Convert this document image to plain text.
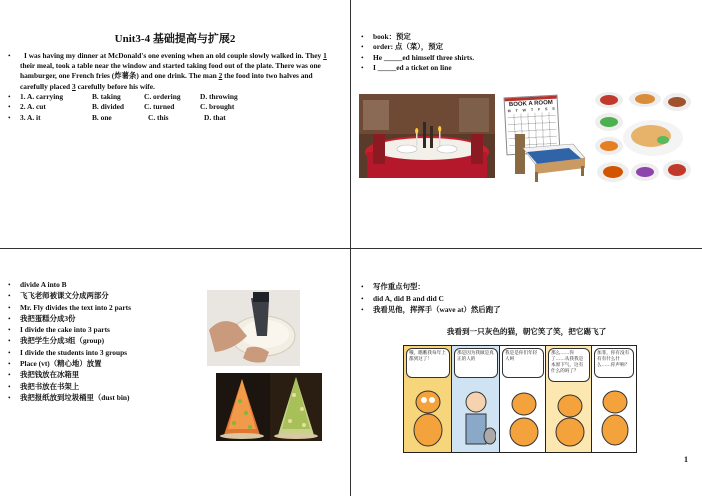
Unit3-4 基础提高与扩展2
• I was having my dinner at McDonald's one evening when an old couple slowly walked in. They 1 their meal, took a table near the window and started taking food out of the plate. There was one hamburger, one French fries (炸薯条) and one drink. The man 2 the food into two halves and carefully placed 3 carefully before his wife.
• 1. A. carrying	B. taking	C. ordering	D. throwing
• 2. A. cut	B. divided	C. turned	C. brought
• 3. A. it	B. one	C. this	D. that
• book：预定
• order: 点（菜），预定
• He _____ed himself three shirts.
• I _____ed a ticket on line
BOOK A ROOM
M T W T F S S
• divide A into B
• 飞飞老师被课文分成两部分
• Mr. Fly divides the text into 2 parts
• 我把蛋糕分成3份
• I divide the cake into 3 parts
• 我把学生分成3组（group)
• I divide the students into 3 groups
• Place (vt)（精心地）放置
• 我把钱放在冰箱里
• 我把书放在书架上
• 我把报纸放到垃圾桶里（dust bin)
• 写作重点句型：
• did A, did B and did C
• 我看见他，挥挥手（wave at）然后跑了
我看到一只灰色的猫，朝它笑了笑，把它踢飞了
哦，瞧瞧我每年上都到这了！
那是因为我做是真正的人的
我是是你们年轻人呵
那么……你了……从我我是本原下气，这有什么的吗了？
加菲，你有没有有有什么什么……你声响？
1
